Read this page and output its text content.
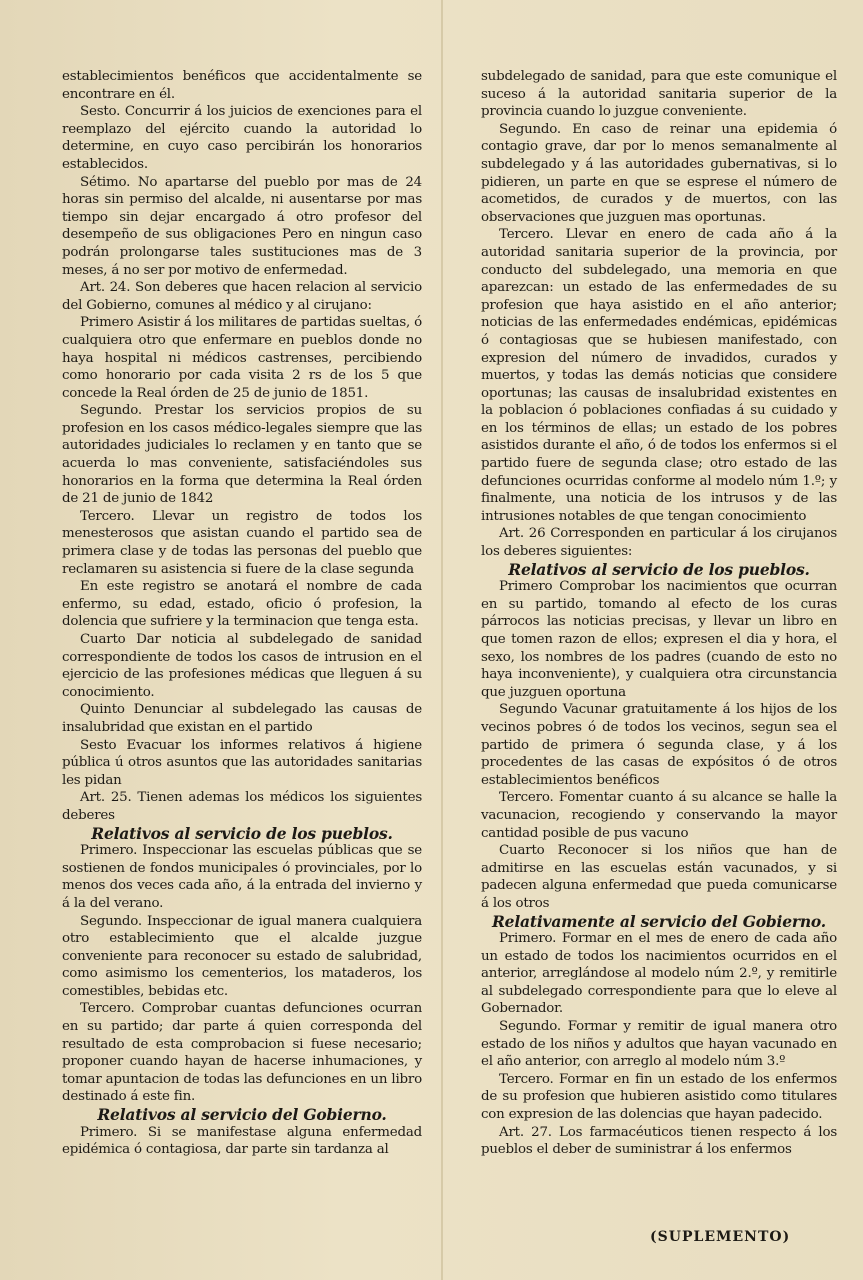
establecimientos benéficos que accidentalmente se encontrare en él.

Sesto. Concurrir á los juicios de exenciones para el reemplazo del ejército cuando la autoridad lo determine, en cuyo caso percibirán los honorarios establecidos.

Sétimo. No apartarse del pueblo por mas de 24 horas sin permiso del alcalde, ni ausentarse por mas tiempo sin dejar encargado á otro profesor del desempeño de sus obligaciones Pero en ningun caso podrán prolongarse tales sustituciones mas de 3 meses, á no ser por motivo de enfermedad.

Art. 24. Son deberes que hacen relacion al servicio del Gobierno, comunes al médico y al cirujano:

Primero Asistir á los militares de partidas sueltas, ó cualquiera otro que enfermare en pueblos donde no haya hospital ni médicos castrenses, percibiendo como honorario por cada visita 2 rs de los 5 que concede la Real órden de 25 de junio de 1851.

Segundo. Prestar los servicios propios de su profesion en los casos médico-legales siempre que las autoridades judiciales lo reclamen y en tanto que se acuerda lo mas conveniente, satisfaciéndoles sus honorarios en la forma que determina la Real órden de 21 de junio de 1842

Tercero. Llevar un registro de todos los menesterosos que asistan cuando el partido sea de primera clase y de todas las personas del pueblo que reclamaren su asistencia si fuere de la clase segunda

En este registro se anotará el nombre de cada enfermo, su edad, estado, oficio ó profesion, la dolencia que sufriere y la terminacion que tenga esta.

Cuarto Dar noticia al subdelegado de sanidad correspondiente de todos los casos de intrusion en el ejercicio de las profesiones médicas que lleguen á su conocimiento.

Quinto Denunciar al subdelegado las causas de insalubridad que existan en el partido

Sesto Evacuar los informes relativos á higiene pública ú otros asuntos que las autoridades sanitarias les pidan

Art. 25. Tienen ademas los médicos los siguientes deberes

Relativos al servicio de los pueblos.

Primero. Inspeccionar las escuelas públicas que se sostienen de fondos municipales ó provinciales, por lo menos dos veces cada año, á la entrada del invierno y á la del verano.

Segundo. Inspeccionar de igual manera cualquiera otro establecimiento que el alcalde juzgue conveniente para reconocer su estado de salubridad, como asimismo los cementerios, los mataderos, los comestibles, bebidas etc.

Tercero. Comprobar cuantas defunciones ocurran en su partido; dar parte á quien corresponda del resultado de esta comprobacion si fuese necesario; proponer cuando hayan de hacerse inhumaciones, y tomar apuntacion de todas las defunciones en un libro destinado á este fin.

Relativos al servicio del Gobierno.

Primero. Si se manifestase alguna enfermedad epidémica ó contagiosa, dar parte sin tardanza al

subdelegado de sanidad, para que este comunique el suceso á la autoridad sanitaria superior de la provincia cuando lo juzgue conveniente.

Segundo. En caso de reinar una epidemia ó contagio grave, dar por lo menos semanalmente al subdelegado y á las autoridades gubernativas, si lo pidieren, un parte en que se esprese el número de acometidos, de curados y de muertos, con las observaciones que juzguen mas oportunas.

Tercero. Llevar en enero de cada año á la autoridad sanitaria superior de la provincia, por conducto del subdelegado, una memoria en que aparezcan: un estado de las enfermedades de su profesion que haya asistido en el año anterior; noticias de las enfermedades endémicas, epidémicas ó contagiosas que se hubiesen manifestado, con expresion del número de invadidos, curados y muertos, y todas las demás noticias que considere oportunas; las causas de insalubridad existentes en la poblacion ó poblaciones confiadas á su cuidado y en los términos de ellas; un estado de los pobres asistidos durante el año, ó de todos los enfermos si el partido fuere de segunda clase; otro estado de las defunciones ocurridas conforme al modelo núm 1.º; y finalmente, una noticia de los intrusos y de las intrusiones notables de que tengan conocimiento

Art. 26 Corresponden en particular á los cirujanos los deberes siguientes:

Relativos al servicio de los pueblos.

Primero Comprobar los nacimientos que ocurran en su partido, tomando al efecto de los curas párrocos las noticias precisas, y llevar un libro en que tomen razon de ellos; expresen el dia y hora, el sexo, los nombres de los padres (cuando de esto no haya inconveniente), y cualquiera otra circunstancia que juzguen oportuna

Segundo Vacunar gratuitamente á los hijos de los vecinos pobres ó de todos los vecinos, segun sea el partido de primera ó segunda clase, y á los procedentes de las casas de expósitos ó de otros establecimientos benéficos

Tercero. Fomentar cuanto á su alcance se halle la vacunacion, recogiendo y conservando la mayor cantidad posible de pus vacuno

Cuarto Reconocer si los niños que han de admitirse en las escuelas están vacunados, y si padecen alguna enfermedad que pueda comunicarse á los otros

Relativamente al servicio del Gobierno.

Primero. Formar en el mes de enero de cada año un estado de todos los nacimientos ocurridos en el anterior, arreglándose al modelo núm 2.º, y remitirle al subdelegado correspondiente para que lo eleve al Gobernador.

Segundo. Formar y remitir de igual manera otro estado de los niños y adultos que hayan vacunado en el año anterior, con arreglo al modelo núm 3.º

Tercero. Formar en fin un estado de los enfermos de su profesion que hubieren asistido como titulares con expresion de las dolencias que hayan padecido.

Art. 27. Los farmacéuticos tienen respecto á los pueblos el deber de suministrar á los enfermos

(SUPLEMENTO)
